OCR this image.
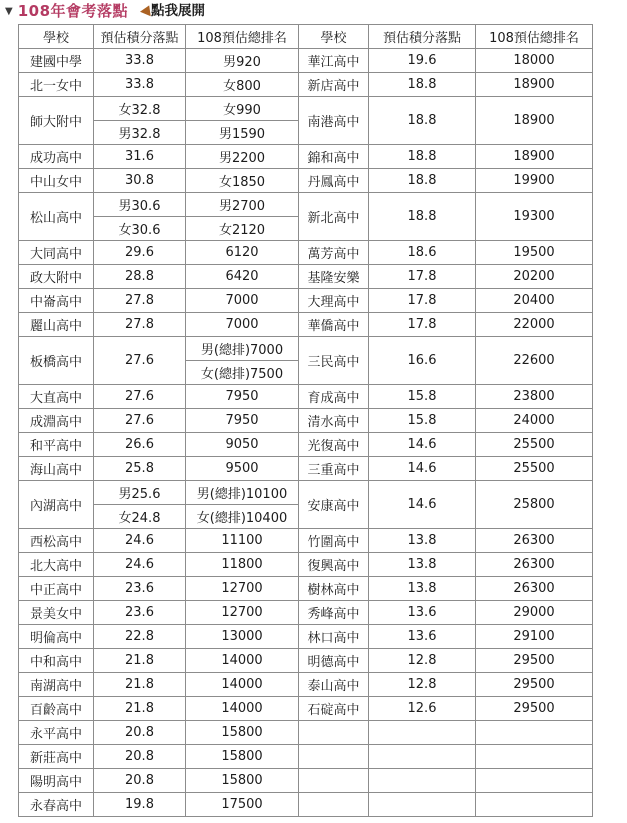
▼ 108年會考落點 點我展開
學校	預估積分落點	108預估總排名	學校	預估積分落點	108預估總排名
建國中學	33.8	男920	華江高中	19.6	18000
北一女中	33.8	女800	新店高中	18.8	18900
師大附中	女32.8	女990	南港高中	18.8	18900
	男32.8	男1590			
成功高中	31.6	男2200	錦和高中	18.8	18900
中山女中	30.8	女1850	丹鳳高中	18.8	19900
松山高中	男30.6	男2700	新北高中	18.8	19300
	女30.6	女2120			
大同高中	29.6	6120	萬芳高中	18.6	19500
政大附中	28.8	6420	基隆安樂	17.8	20200
中崙高中	27.8	7000	大理高中	17.8	20400
麗山高中	27.8	7000	華僑高中	17.8	22000
板橋高中	27.6	男(總排)7000	三民高中	16.6	22600
		女(總排)7500			
大直高中	27.6	7950	育成高中	15.8	23800
成淵高中	27.6	7950	清水高中	15.8	24000
和平高中	26.6	9050	光復高中	14.6	25500
海山高中	25.8	9500	三重高中	14.6	25500
內湖高中	男25.6	男(總排)10100	安康高中	14.6	25800
	女24.8	女(總排)10400			
西松高中	24.6	11100	竹圍高中	13.8	26300
北大高中	24.6	11800	復興高中	13.8	26300
中正高中	23.6	12700	樹林高中	13.8	26300
景美女中	23.6	12700	秀峰高中	13.6	29000
明倫高中	22.8	13000	林口高中	13.6	29100
中和高中	21.8	14000	明德高中	12.8	29500
南湖高中	21.8	14000	泰山高中	12.8	29500
百齡高中	21.8	14000	石碇高中	12.6	29500
永平高中	20.8	15800			
新莊高中	20.8	15800			
陽明高中	20.8	15800			
永春高中	19.8	17500			
